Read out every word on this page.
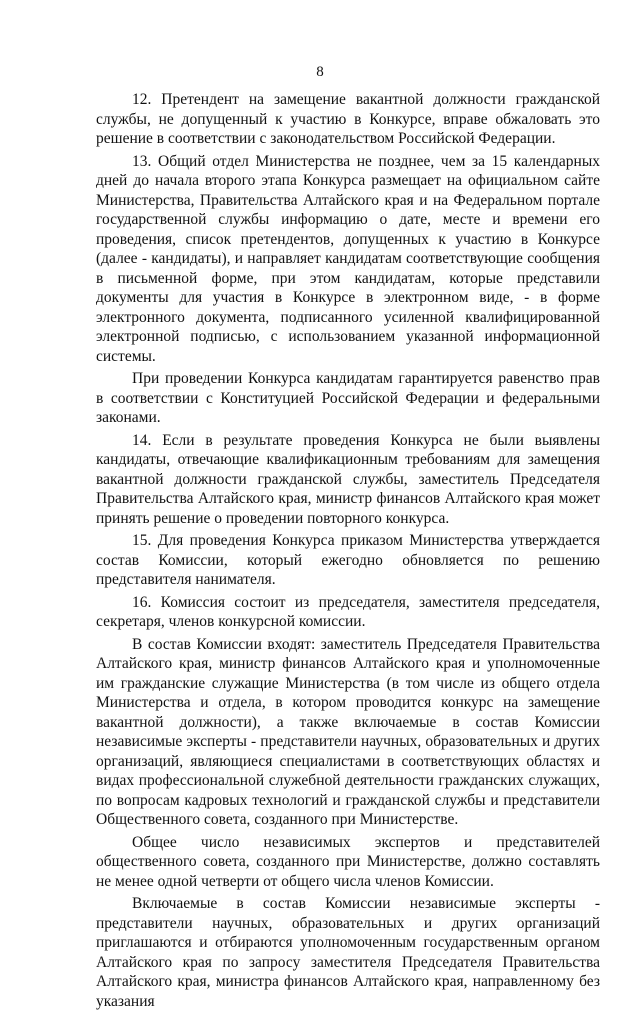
8

12. Претендент на замещение вакантной должности гражданской службы, не допущенный к участию в Конкурсе, вправе обжаловать это решение в соответствии с законодательством Российской Федерации.

13. Общий отдел Министерства не позднее, чем за 15 календарных дней до начала второго этапа Конкурса размещает на официальном сайте Министерства, Правительства Алтайского края и на Федеральном портале государственной службы информацию о дате, месте и времени его проведения, список претендентов, допущенных к участию в Конкурсе (далее - кандидаты), и направляет кандидатам соответствующие сообщения в письменной форме, при этом кандидатам, которые представили документы для участия в Конкурсе в электронном виде, - в форме электронного документа, подписанного усиленной квалифицированной электронной подписью, с использованием указанной информационной системы.

При проведении Конкурса кандидатам гарантируется равенство прав в соответствии с Конституцией Российской Федерации и федеральными законами.

14. Если в результате проведения Конкурса не были выявлены кандидаты, отвечающие квалификационным требованиям для замещения вакантной должности гражданской службы, заместитель Председателя Правительства Алтайского края, министр финансов Алтайского края может принять решение о проведении повторного конкурса.

15. Для проведения Конкурса приказом Министерства утверждается состав Комиссии, который ежегодно обновляется по решению представителя нанимателя.

16. Комиссия состоит из председателя, заместителя председателя, секретаря, членов конкурсной комиссии.

В состав Комиссии входят: заместитель Председателя Правительства Алтайского края, министр финансов Алтайского края и уполномоченные им гражданские служащие Министерства (в том числе из общего отдела Министерства и отдела, в котором проводится конкурс на замещение вакантной должности), а также включаемые в состав Комиссии независимые эксперты - представители научных, образовательных и других организаций, являющиеся специалистами в соответствующих областях и видах профессиональной служебной деятельности гражданских служащих, по вопросам кадровых технологий и гражданской службы и представители Общественного совета, созданного при Министерстве.

Общее число независимых экспертов и представителей общественного совета, созданного при Министерстве, должно составлять не менее одной четверти от общего числа членов Комиссии.

Включаемые в состав Комиссии независимые эксперты - представители научных, образовательных и других организаций приглашаются и отбираются уполномоченным государственным органом Алтайского края по запросу заместителя Председателя Правительства Алтайского края, министра финансов Алтайского края, направленному без указания
